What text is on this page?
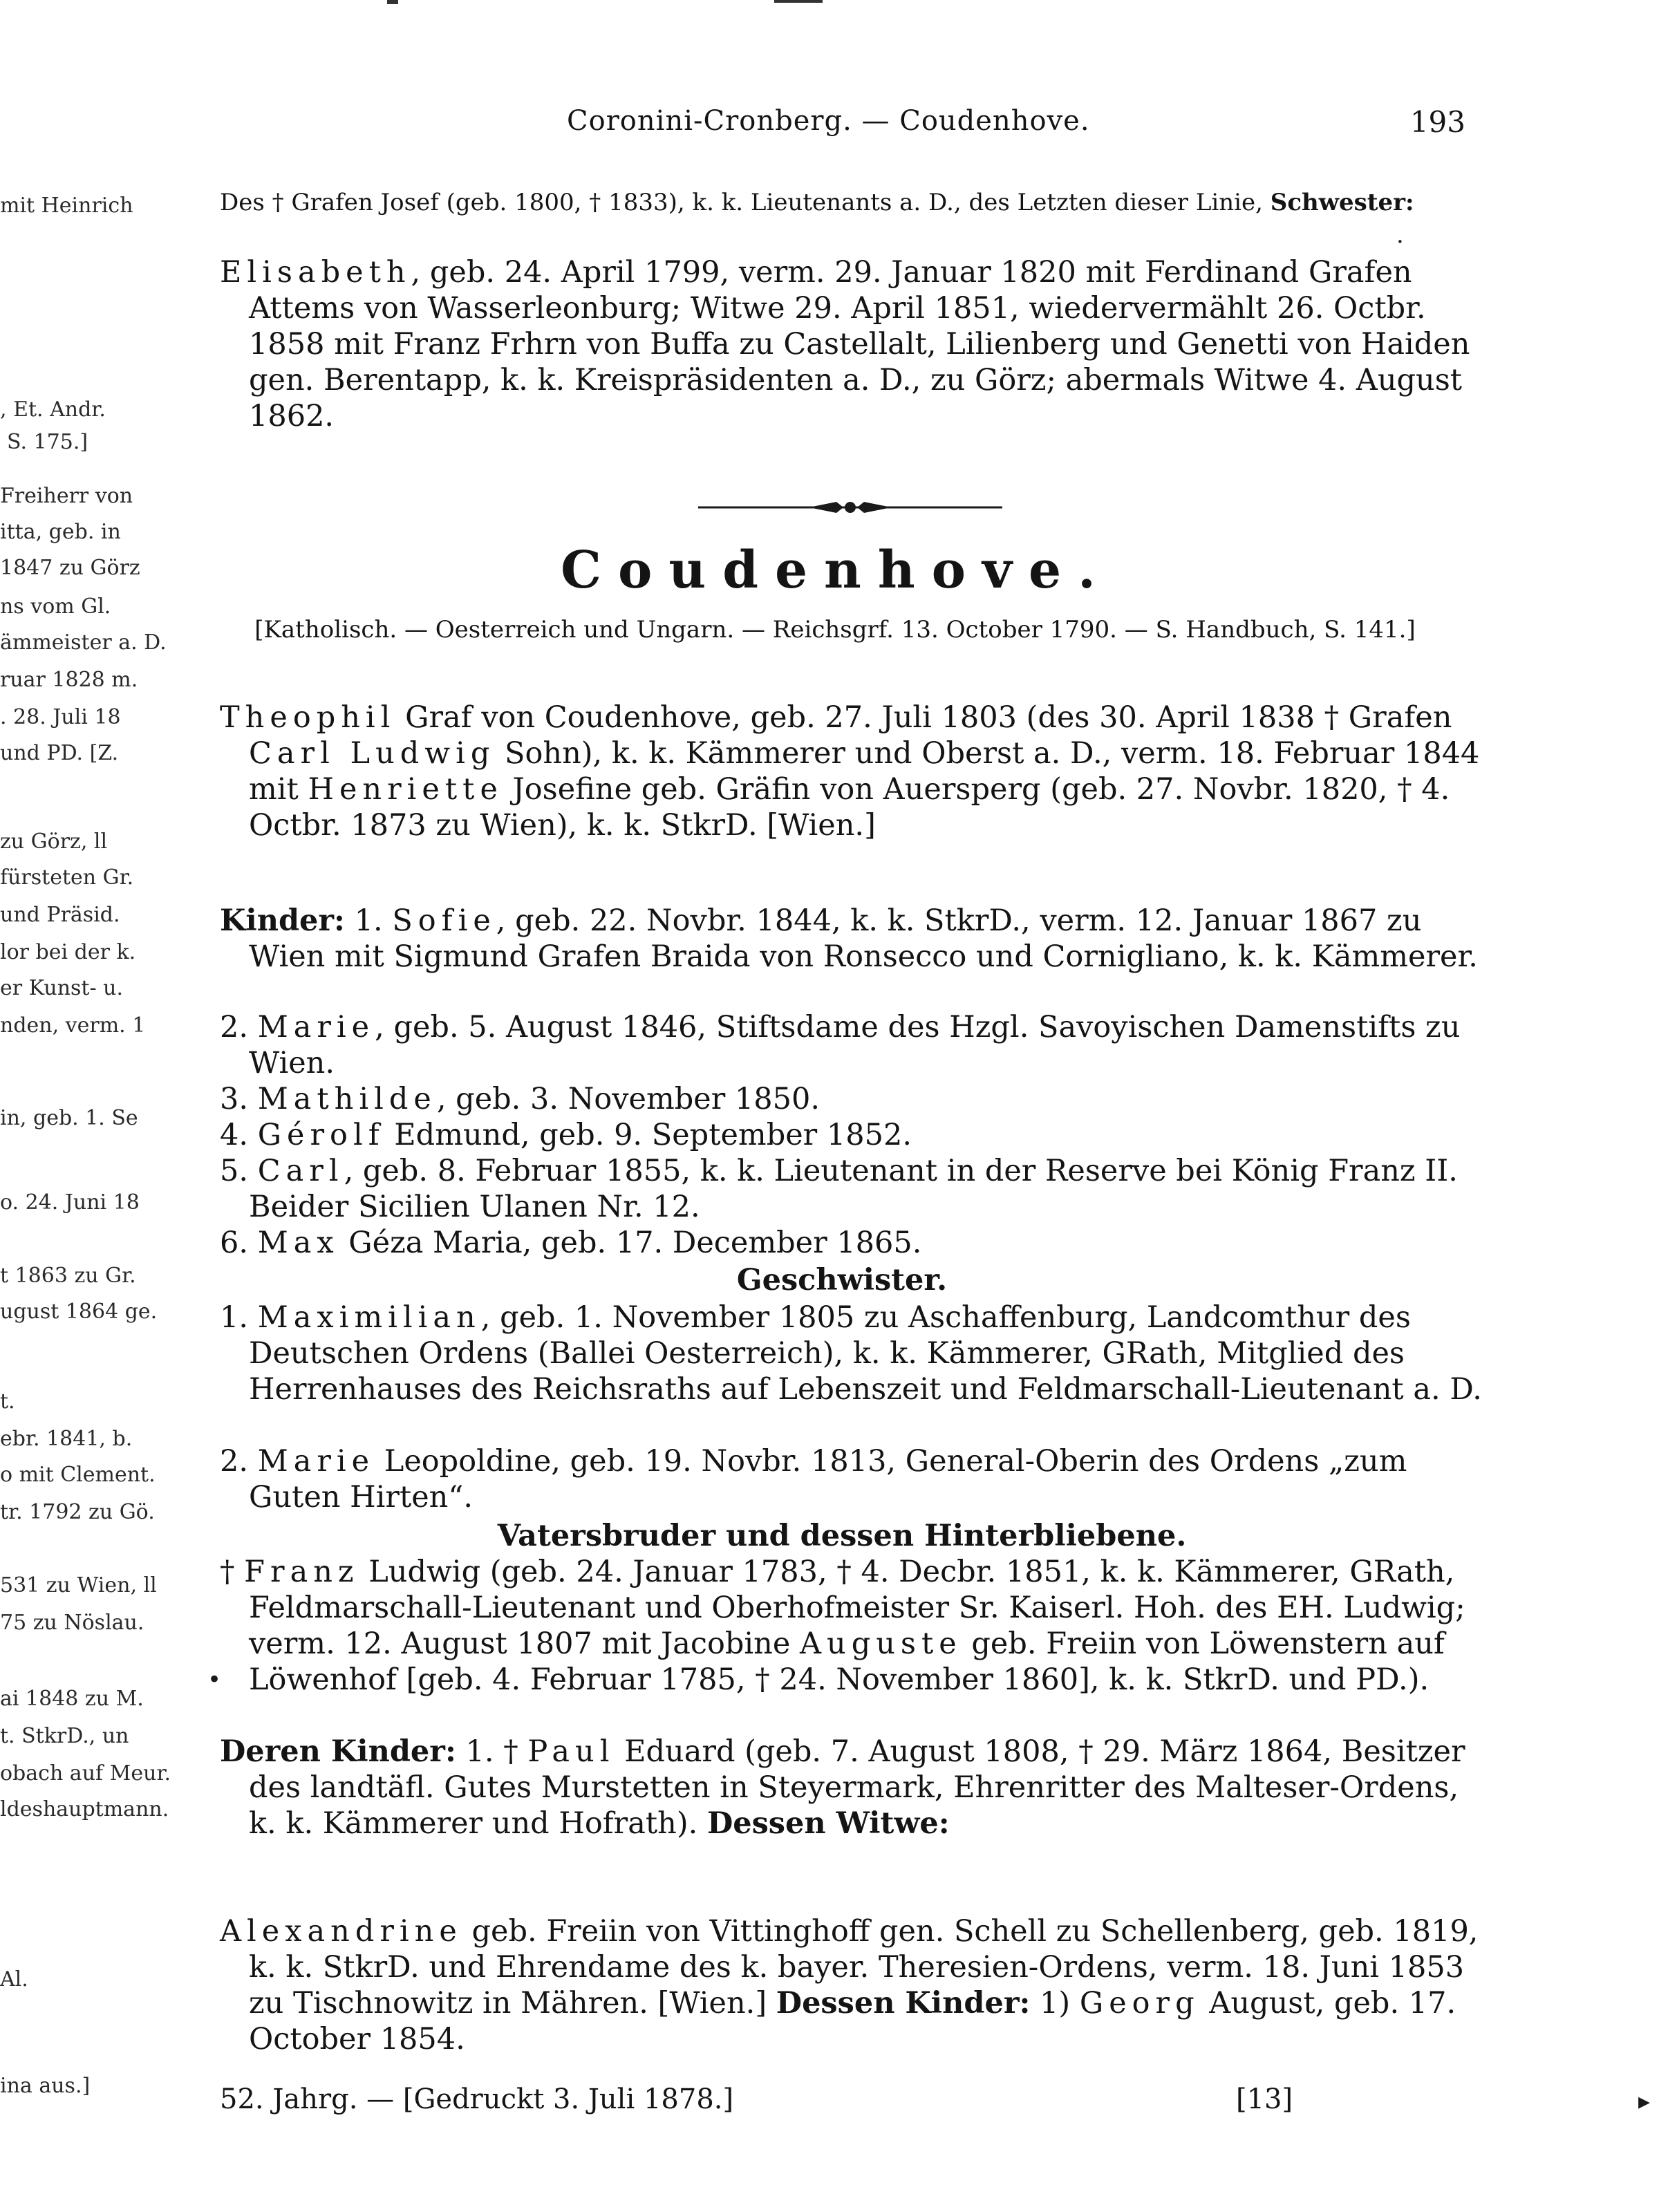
mit Heinrich
, Et. Andr.
S. 175.]
Freiherr von
itta, geb. in
1847 zu Görz
ns vom Gl.
ämmeister a. D.
ruar 1828 m.
. 28. Juli 18
und PD. [Z.
zu Görz, ll
fürsteten Gr.
und Präsid.
lor bei der k.
er Kunst- u.
nden, verm. 1
in, geb. 1. Se
o. 24. Juni 18
t 1863 zu Gr.
ugust 1864 ge.
t.
ebr. 1841, b.
o mit Clement.
tr. 1792 zu Gö.
531 zu Wien, ll
75 zu Nöslau.
ai 1848 zu M.
t. StkrD., un
obach auf Meur.
ldeshauptmann.
Al.
ina aus.]
·
•
▸
Coronini-Cronberg. — Coudenhove.	193
Des † Grafen Josef (geb. 1800, † 1833), k. k. Lieutenants a. D., des Letzten dieser Linie, Schwester:
Elisabeth, geb. 24. April 1799, verm. 29. Januar 1820 mit Ferdinand Grafen Attems von Wasserleonburg; Witwe 29. April 1851, wiedervermählt 26. Octbr. 1858 mit Franz Frhrn von Buffa zu Castellalt, Lilienberg und Genetti von Haiden gen. Berentapp, k. k. Kreispräsidenten a. D., zu Görz; abermals Witwe 4. August 1862.
Coudenhove.
[Katholisch. — Oesterreich und Ungarn. — Reichsgrf. 13. October 1790. — S. Handbuch, S. 141.]
Theophil Graf von Coudenhove, geb. 27. Juli 1803 (des 30. April 1838 † Grafen Carl Ludwig Sohn), k. k. Kämmerer und Oberst a. D., verm. 18. Februar 1844 mit Henriette Josefine geb. Gräfin von Auersperg (geb. 27. Novbr. 1820, † 4. Octbr. 1873 zu Wien), k. k. StkrD. [Wien.]
Kinder: 1. Sofie, geb. 22. Novbr. 1844, k. k. StkrD., verm. 12. Januar 1867 zu Wien mit Sigmund Grafen Braida von Ronsecco und Cornigliano, k. k. Kämmerer.
2. Marie, geb. 5. August 1846, Stiftsdame des Hzgl. Savoyischen Damenstifts zu Wien.
3. Mathilde, geb. 3. November 1850.
4. Gérolf Edmund, geb. 9. September 1852.
5. Carl, geb. 8. Februar 1855, k. k. Lieutenant in der Reserve bei König Franz II. Beider Sicilien Ulanen Nr. 12.
6. Max Géza Maria, geb. 17. December 1865.
Geschwister.
1. Maximilian, geb. 1. November 1805 zu Aschaffenburg, Landcomthur des Deutschen Ordens (Ballei Oesterreich), k. k. Kämmerer, GRath, Mitglied des Herrenhauses des Reichsraths auf Lebenszeit und Feldmarschall-Lieutenant a. D.
2. Marie Leopoldine, geb. 19. Novbr. 1813, General-Oberin des Ordens „zum Guten Hirten“.
Vatersbruder und dessen Hinterbliebene.
† Franz Ludwig (geb. 24. Januar 1783, † 4. Decbr. 1851, k. k. Kämmerer, GRath, Feldmarschall-Lieutenant und Oberhofmeister Sr. Kaiserl. Hoh. des EH. Ludwig; verm. 12. August 1807 mit Jacobine Auguste geb. Freiin von Löwenstern auf Löwenhof [geb. 4. Februar 1785, † 24. November 1860], k. k. StkrD. und PD.).
Deren Kinder: 1. † Paul Eduard (geb. 7. August 1808, † 29. März 1864, Besitzer des landtäfl. Gutes Murstetten in Steyermark, Ehrenritter des Malteser-Ordens, k. k. Kämmerer und Hofrath). Dessen Witwe:
Alexandrine geb. Freiin von Vittinghoff gen. Schell zu Schellenberg, geb. 1819, k. k. StkrD. und Ehrendame des k. bayer. Theresien-Ordens, verm. 18. Juni 1853 zu Tischnowitz in Mähren. [Wien.] Dessen Kinder: 1) Georg August, geb. 17. October 1854.
52. Jahrg. — [Gedruckt 3. Juli 1878.]	[13]
